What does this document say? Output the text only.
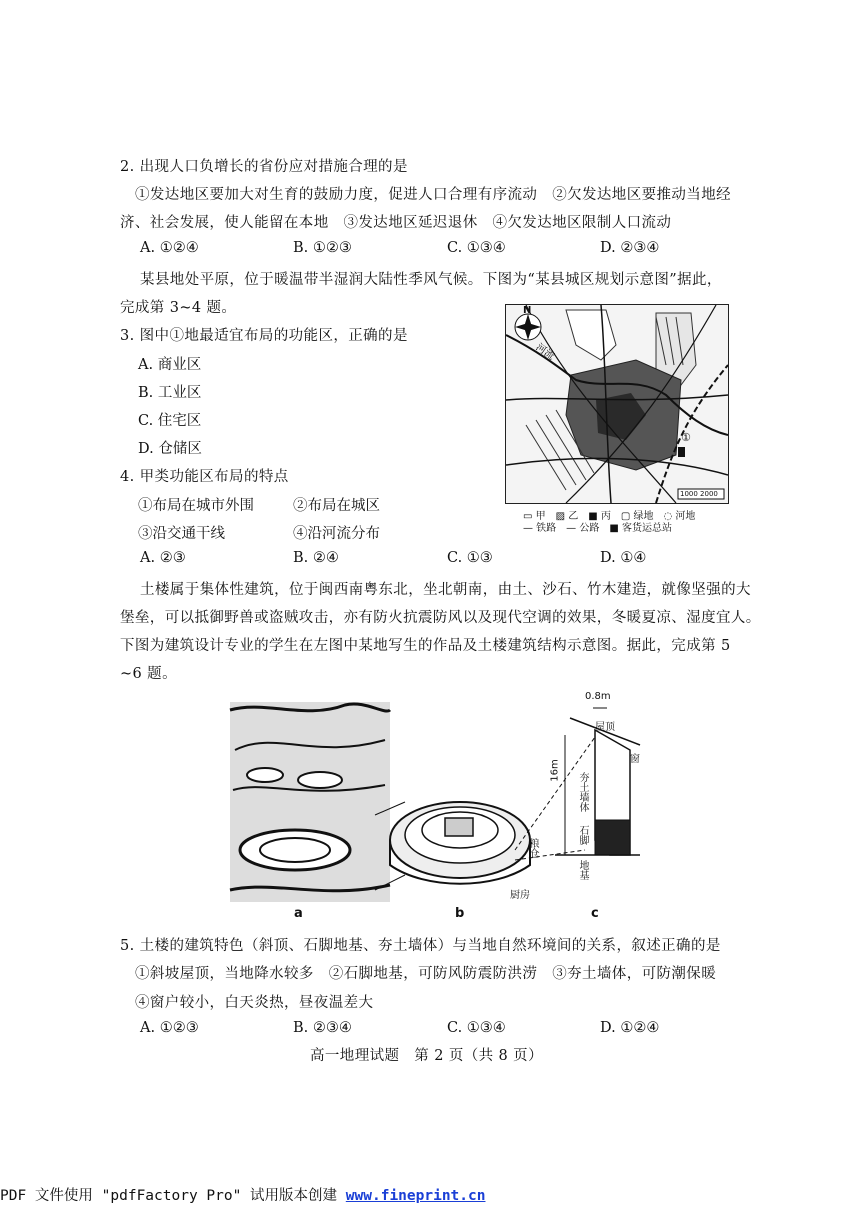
2. 出现人口负增长的省份应对措施合理的是
①发达地区要加大对生育的鼓励力度，促进人口合理有序流动　②欠发达地区要推动当地经
济、社会发展，使人能留在本地　③发达地区延迟退休　④欠发达地区限制人口流动
A. ①②④	B. ①②③	C. ①③④	D. ②③④
某县地处平原，位于暖温带半湿润大陆性季风气候。下图为“某县城区规划示意图”据此，
完成第 3~4 题。
3. 图中①地最适宜布局的功能区，正确的是
A. 商业区
B. 工业区
C. 住宅区
D. 仓储区
4. 甲类功能区布局的特点
①布局在城市外围	②布局在城区
③沿交通干线	④沿河流分布
A. ②③	B. ②④	C. ①③	D. ①④
N
河流
①
1000 2000
▭ 甲　▨ 乙　■ 丙　▢ 绿地　◌ 河地
— 铁路　— 公路　■ 客货运总站
土楼属于集体性建筑，位于闽西南粤东北，坐北朝南，由土、沙石、竹木建造，就像坚强的大
堡垒，可以抵御野兽或盗贼攻击，亦有防火抗震防风以及现代空调的效果，冬暖夏凉、湿度宜人。
下图为建筑设计专业的学生在左图中某地写生的作品及土楼建筑结构示意图。据此，完成第 5
~6 题。
0.8m
16m
屋顶
窗
夯土墙体
石脚
地基
粮仓
厨房
a	b	c
5. 土楼的建筑特色（斜顶、石脚地基、夯土墙体）与当地自然环境间的关系，叙述正确的是
①斜坡屋顶，当地降水较多　②石脚地基，可防风防震防洪涝　③夯土墙体，可防潮保暖
④窗户较小，白天炎热，昼夜温差大
A. ①②③	B. ②③④	C. ①③④	D. ①②④
高一地理试题　第 2 页（共 8 页）
PDF 文件使用 "pdfFactory Pro" 试用版本创建 www.fineprint.cn
